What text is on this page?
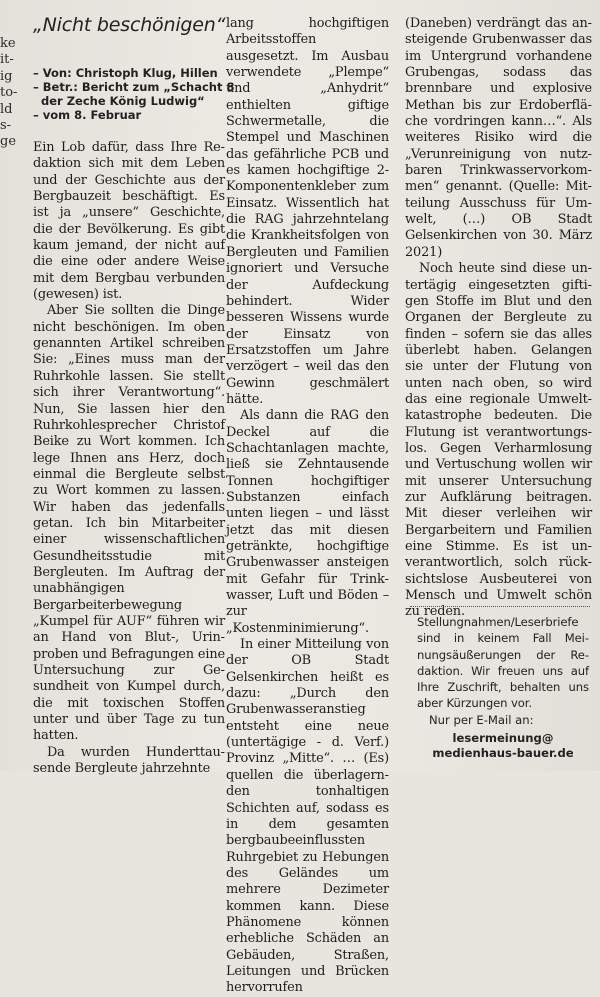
ke
it-
ig
to-
ld
s-
ge
„Nicht beschönigen“
– Von: Christoph Klug, Hillen
– Betr.: Bericht zum „Schacht 8
der Zeche König Ludwig“
– vom 8. Februar

Ein Lob dafür, dass Ihre Redaktion sich mit dem Leben und der Geschichte aus der Bergbauzeit beschäftigt. Es ist ja „unsere“ Geschichte, die der Bevölkerung. Es gibt kaum jemand, der nicht auf die eine oder andere Weise mit dem Bergbau verbunden (gewesen) ist.

Aber Sie sollten die Dinge nicht beschönigen. Im oben genannten Artikel schreiben Sie: „Eines muss man der Ruhrkohle lassen. Sie stellt sich ihrer Verantwortung“. Nun, Sie lassen hier den Ruhrkohlesprecher Christof Beike zu Wort kommen. Ich lege Ihnen ans Herz, doch einmal die Bergleute selbst zu Wort kommen zu lassen. Wir haben das jedenfalls getan. Ich bin Mitarbeiter einer wissenschaftlichen Gesundheitsstudie mit Bergleuten. Im Auftrag der unabhängigen Bergarbeiterbewegung „Kumpel für AUF“ führen wir an Hand von Blut-, Urinproben und Befragungen eine Untersuchung zur Gesundheit von Kumpel durch, die mit toxischen Stoffen unter und über Tage zu tun hatten.

Da wurden Hunderttausende Bergleute jahrzehnte

lang hochgiftigen Arbeitsstoffen ausgesetzt. Im Ausbau verwendete „Plempe“ und „Anhydrit“ enthielten giftige Schwermetalle, die Stempel und Maschinen das gefährliche PCB und es kamen hochgiftige 2-Komponentenkleber zum Einsatz. Wissentlich hat die RAG jahrzehntelang die Krankheitsfolgen von Bergleuten und Familien ignoriert und Versuche der Aufdeckung behindert. Wider besseren Wissens wurde der Einsatz von Ersatzstoffen um Jahre verzögert – weil das den Gewinn geschmälert hätte.

Als dann die RAG den Deckel auf die Schachtanlagen machte, ließ sie Zehntausende Tonnen hochgiftiger Substanzen einfach unten liegen – und lässt jetzt das mit diesen getränkte, hochgiftige Grubenwasser ansteigen mit Gefahr für Trinkwasser, Luft und Böden – zur „Kostenminimierung“.

In einer Mitteilung von der OB Stadt Gelsenkirchen heißt es dazu: „Durch den Grubenwasseranstieg entsteht eine neue (untertägige - d. Verf.) Provinz „Mitte“. … (Es) quellen die überlagernden tonhaltigen Schichten auf, sodass es in dem gesamten bergbaubeeinflussten Ruhrgebiet zu Hebungen des Geländes um mehrere Dezimeter kommen kann. Diese Phänomene können erhebliche Schäden an Gebäuden, Straßen, Leitungen und Brücken hervorrufen

(Daneben) verdrängt das ansteigende Grubenwasser das im Untergrund vorhandene Grubengas, sodass das brennbare und explosive Methan bis zur Erdoberfläche vordringen kann…“. Als weiteres Risiko wird die „Verunreinigung von nutzbaren Trinkwasservorkommen“ genannt. (Quelle: Mitteilung Ausschuss für Umwelt, (…) OB Stadt Gelsenkirchen von 30. März 2021)

Noch heute sind diese untertägig eingesetzten giftigen Stoffe im Blut und den Organen der Bergleute zu finden – sofern sie das alles überlebt haben. Gelangen sie unter der Flutung von unten nach oben, so wird das eine regionale Umweltkatastrophe bedeuten. Die Flutung ist verantwortungslos. Gegen Verharmlosung und Vertuschung wollen wir mit unserer Untersuchung zur Aufklärung beitragen. Mit dieser verleihen wir Bergarbeitern und Familien eine Stimme. Es ist unverantwortlich, solch rücksichtslose Ausbeuterei von Mensch und Umwelt schön zu reden.

Stellungnahmen/Leserbriefe sind in keinem Fall Meinungsäußerungen der Redaktion. Wir freuen uns auf Ihre Zuschrift, behalten uns aber Kürzungen vor.
Nur per E-Mail an:
lesermeinung@
medienhaus-bauer.de
